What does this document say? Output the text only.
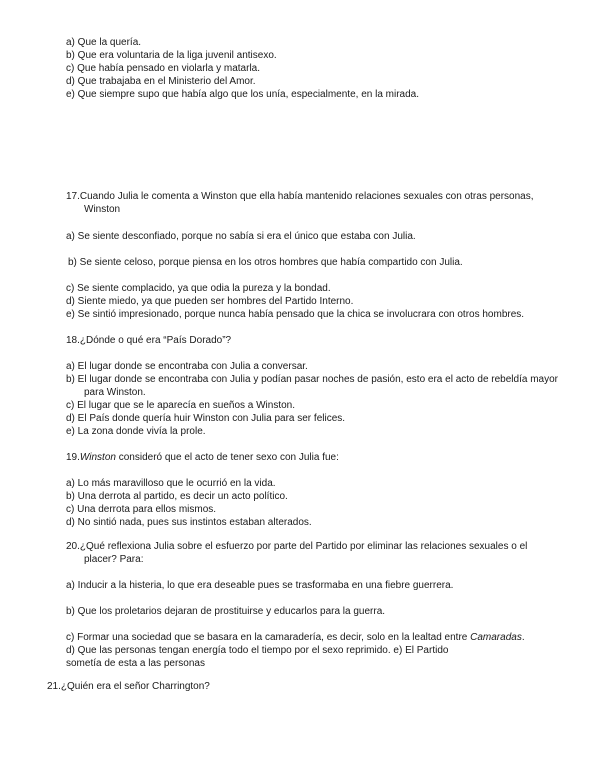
a) Que la quería.
b) Que era voluntaria de la liga juvenil antisexo.
c) Que había pensado en violarla y matarla.
d) Que trabajaba en el Ministerio del Amor.
e) Que siempre supo que había algo que los unía, especialmente, en la mirada.
17.Cuando Julia le comenta a Winston que ella había mantenido relaciones sexuales con otras personas,
Winston
a) Se siente desconfiado, porque no sabía si era el único que estaba con Julia.
b) Se siente celoso, porque piensa en los otros hombres que había compartido con Julia.
c) Se siente complacido, ya que odia la pureza y la bondad.
d) Siente miedo, ya que pueden ser hombres del Partido Interno.
e) Se sintió impresionado, porque nunca había pensado que la chica se involucrara con otros hombres.
18.¿Dónde o qué era “País Dorado”?
a) El lugar donde se encontraba con Julia a conversar.
b) El lugar donde se encontraba con Julia y podían pasar noches de pasión, esto era el acto de rebeldía mayor
para Winston.
c) El lugar que se le aparecía en sueños a Winston.
d) El País donde quería huir Winston con Julia para ser felices.
e) La zona donde vivía la prole.
19.Winston consideró que el acto de tener sexo con Julia fue:
a) Lo más maravilloso que le ocurrió en la vida.
b) Una derrota al partido, es decir un acto político.
c) Una derrota para ellos mismos.
d) No sintió nada, pues sus instintos estaban alterados.
20.¿Qué reflexiona Julia sobre el esfuerzo por parte del Partido por eliminar las relaciones sexuales o el
placer? Para:
a) Inducir a la histeria, lo que era deseable pues se trasformaba en una fiebre guerrera.
b) Que los proletarios dejaran de prostituirse y educarlos para la guerra.
c) Formar una sociedad que se basara en la camaradería, es decir, solo en la lealtad entre Camaradas.
d) Que las personas tengan energía todo el tiempo por el sexo reprimido. e) El Partido
sometía de esta a las personas
21.¿Quién era el señor Charrington?
